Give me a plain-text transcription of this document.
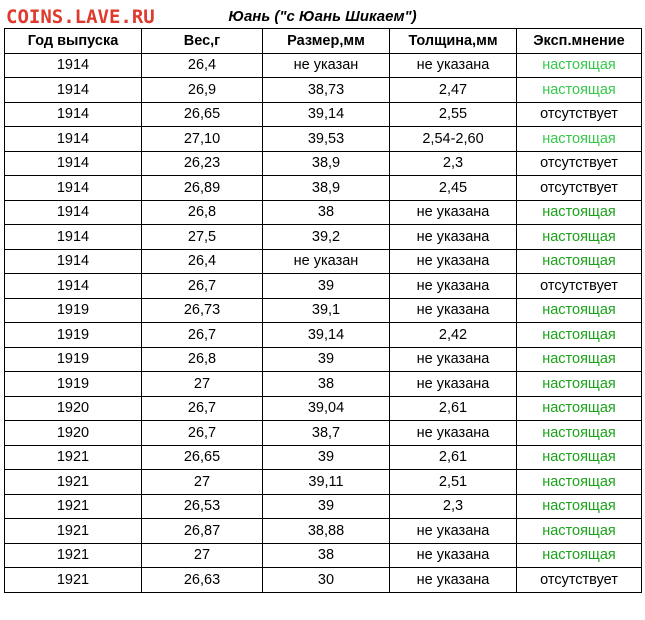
COINS.LAVE.RU	Юань ("с Юань Шикаем")
Год выпуска	Вес,г	Размер,мм	Толщина,мм	Эксп.мнение
1914	26,4	не указан	не указана	настоящая
1914	26,9	38,73	2,47	настоящая
1914	26,65	39,14	2,55	отсутствует
1914	27,10	39,53	2,54-2,60	настоящая
1914	26,23	38,9	2,3	отсутствует
1914	26,89	38,9	2,45	отсутствует
1914	26,8	38	не указана	настоящая
1914	27,5	39,2	не указана	настоящая
1914	26,4	не указан	не указана	настоящая
1914	26,7	39	не указана	отсутствует
1919	26,73	39,1	не указана	настоящая
1919	26,7	39,14	2,42	настоящая
1919	26,8	39	не указана	настоящая
1919	27	38	не указана	настоящая
1920	26,7	39,04	2,61	настоящая
1920	26,7	38,7	не указана	настоящая
1921	26,65	39	2,61	настоящая
1921	27	39,11	2,51	настоящая
1921	26,53	39	2,3	настоящая
1921	26,87	38,88	не указана	настоящая
1921	27	38	не указана	настоящая
1921	26,63	30	не указана	отсутствует
